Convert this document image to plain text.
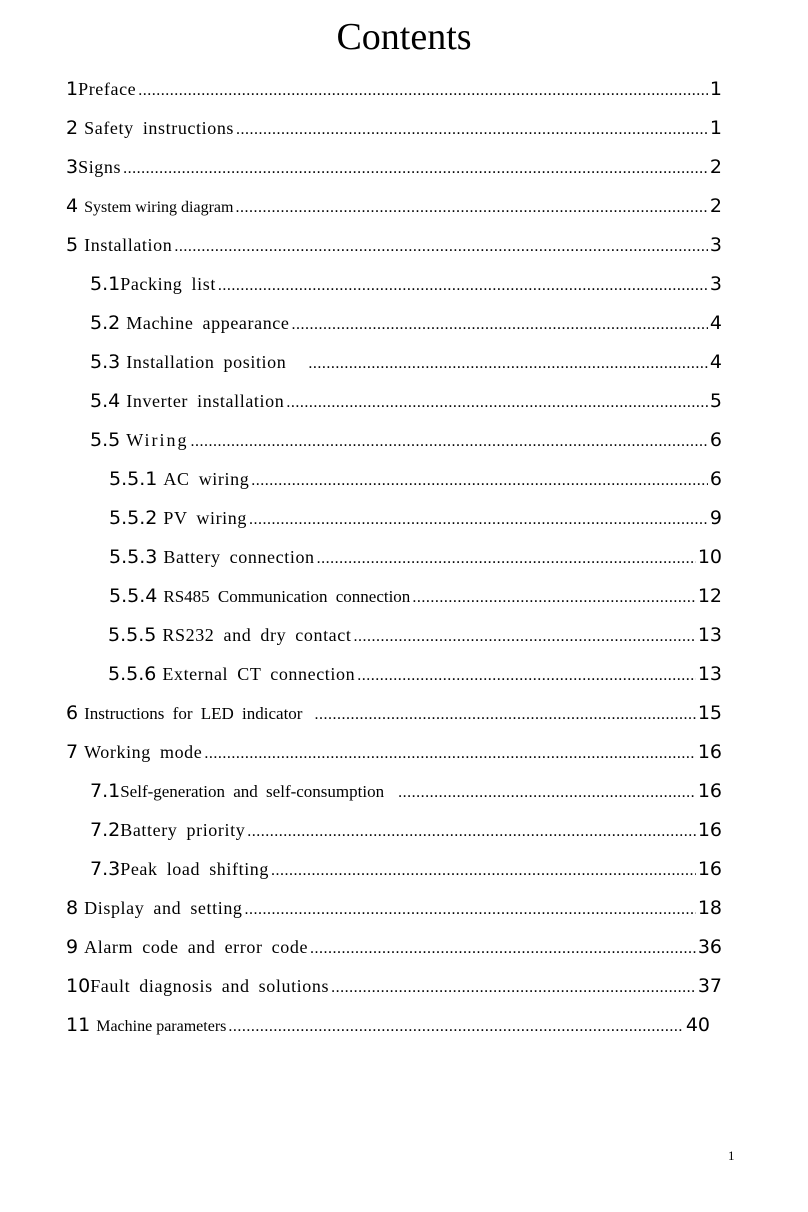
Contents
1 Preface .....	1
2 Safety instructions .....	1
3 Signs .....	2
4 System wiring diagram .....	2
5 Installation .....	3
5.1 Packing list .....	3
5.2 Machine appearance .....	4
5.3 Installation position .....	4
5.4 Inverter installation .....	5
5.5 Wiring .....	6
5.5.1 AC wiring .....	6
5.5.2 PV wiring .....	9
5.5.3 Battery connection .....	10
5.5.4 RS485 Communication connection .....	12
5.5.5 RS232 and dry contact .....	13
5.5.6 External CT connection .....	13
6 Instructions for LED indicator .....	15
7 Working mode .....	16
7.1 Self-generation and self-consumption .....	16
7.2 Battery priority .....	16
7.3 Peak load shifting .....	16
8 Display and setting .....	18
9 Alarm code and error code .....	36
10 Fault diagnosis and solutions .....	37
11 Machine parameters .....	40
1
